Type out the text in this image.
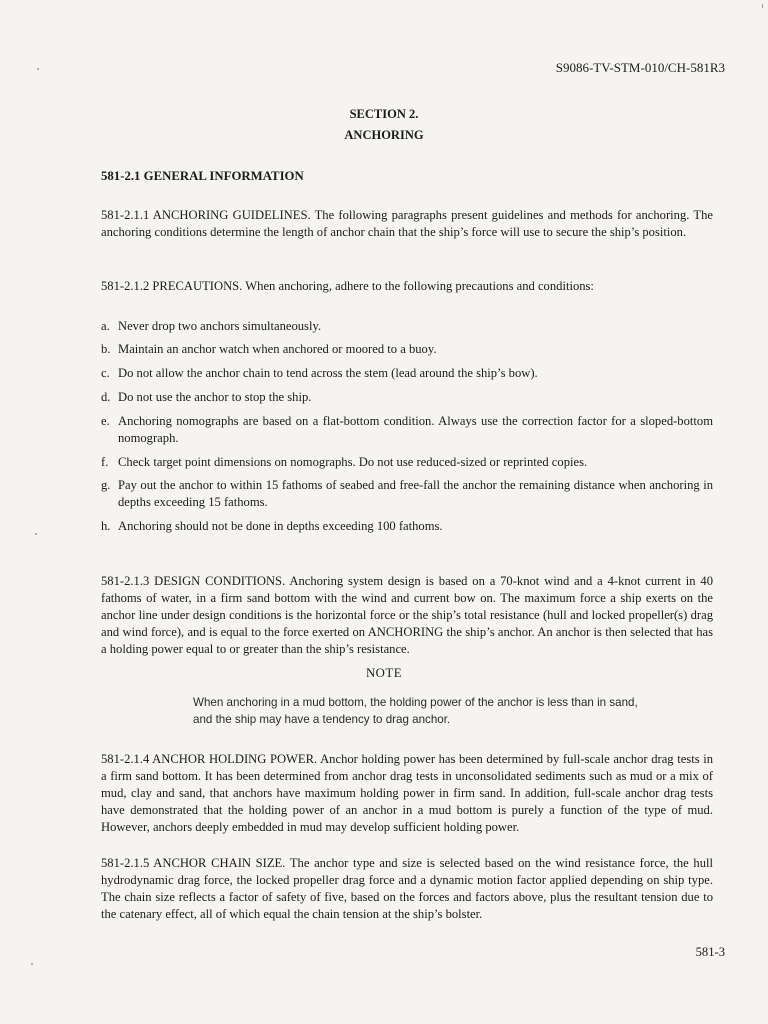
S9086-TV-STM-010/CH-581R3
SECTION 2.
ANCHORING
581-2.1 GENERAL INFORMATION
581-2.1.1 ANCHORING GUIDELINES. The following paragraphs present guidelines and methods for anchoring. The anchoring conditions determine the length of anchor chain that the ship’s force will use to secure the ship’s position.
581-2.1.2 PRECAUTIONS. When anchoring, adhere to the following precautions and conditions:
a. Never drop two anchors simultaneously.
b. Maintain an anchor watch when anchored or moored to a buoy.
c. Do not allow the anchor chain to tend across the stem (lead around the ship’s bow).
d. Do not use the anchor to stop the ship.
e. Anchoring nomographs are based on a flat-bottom condition. Always use the correction factor for a sloped-bottom nomograph.
f. Check target point dimensions on nomographs. Do not use reduced-sized or reprinted copies.
g. Pay out the anchor to within 15 fathoms of seabed and free-fall the anchor the remaining distance when anchoring in depths exceeding 15 fathoms.
h. Anchoring should not be done in depths exceeding 100 fathoms.
581-2.1.3 DESIGN CONDITIONS. Anchoring system design is based on a 70-knot wind and a 4-knot current in 40 fathoms of water, in a firm sand bottom with the wind and current bow on. The maximum force a ship exerts on the anchor line under design conditions is the horizontal force or the ship’s total resistance (hull and locked propeller(s) drag and wind force), and is equal to the force exerted on ANCHORING the ship’s anchor. An anchor is then selected that has a holding power equal to or greater than the ship’s resistance.
NOTE
When anchoring in a mud bottom, the holding power of the anchor is less than in sand, and the ship may have a tendency to drag anchor.
581-2.1.4 ANCHOR HOLDING POWER. Anchor holding power has been determined by full-scale anchor drag tests in a firm sand bottom. It has been determined from anchor drag tests in unconsolidated sediments such as mud or a mix of mud, clay and sand, that anchors have maximum holding power in firm sand. In addition, full-scale anchor drag tests have demonstrated that the holding power of an anchor in a mud bottom is purely a function of the type of mud. However, anchors deeply embedded in mud may develop sufficient holding power.
581-2.1.5 ANCHOR CHAIN SIZE. The anchor type and size is selected based on the wind resistance force, the hull hydrodynamic drag force, the locked propeller drag force and a dynamic motion factor applied depending on ship type. The chain size reflects a factor of safety of five, based on the forces and factors above, plus the resultant tension due to the catenary effect, all of which equal the chain tension at the ship’s bolster.
581-3
